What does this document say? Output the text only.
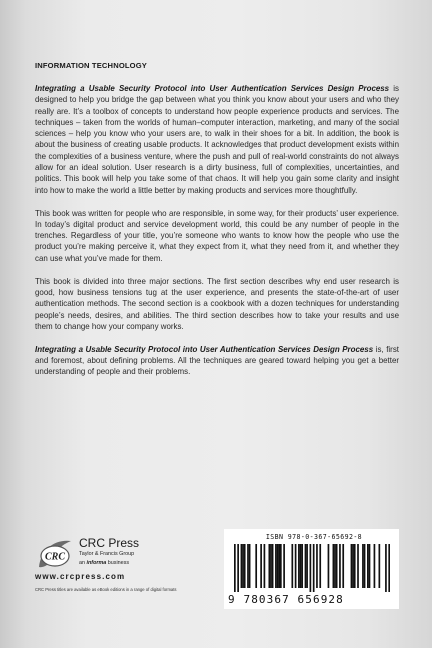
INFORMATION TECHNOLOGY

Integrating a Usable Security Protocol into User Authentication Services Design Process is designed to help you bridge the gap between what you think you know about your users and who they really are. It’s a toolbox of concepts to understand how people experience products and services. The techniques – taken from the worlds of human–computer interaction, marketing, and many of the social sciences – help you know who your users are, to walk in their shoes for a bit. In addition, the book is about the business of creating usable products. It acknowledges that product development exists within the complexities of a business venture, where the push and pull of real-world constraints do not always allow for an ideal solution. User research is a dirty business, full of complexities, uncertainties, and politics. This book will help you take some of that chaos. It will help you gain some clarity and insight into how to make the world a little better by making products and services more thoughtfully.

This book was written for people who are responsible, in some way, for their products’ user experience. In today’s digital product and service development world, this could be any number of people in the trenches. Regardless of your title, you’re someone who wants to know how the people who use the product you’re making perceive it, what they expect from it, what they need from it, and whether they can use what you’ve made for them.

This book is divided into three major sections. The first section describes why end user research is good, how business tensions tug at the user experience, and presents the state-of-the-art of user authentication methods. The second section is a cookbook with a dozen techniques for understanding people’s needs, desires, and abilities. The third section describes how to take your results and use them to change how your company works.

Integrating a Usable Security Protocol into User Authentication Services Design Process is, first and foremost, about defining problems. All the techniques are geared toward helping you get a better understanding of people and their problems.

CRC
CRC Press
Taylor & Francis Group
an informa business
www.crcpress.com
CRC Press titles are available as eBook editions in a range of digital formats
ISBN 978-0-367-65692-8
9 780367 656928
